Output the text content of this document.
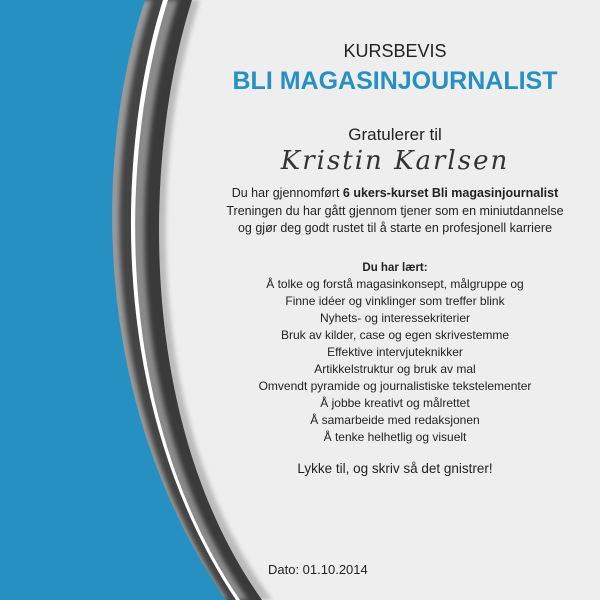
KURSBEVIS
BLI MAGASINJOURNALIST
Gratulerer til
Kristin Karlsen
Du har gjennomført 6 ukers-kurset Bli magasinjournalist
Treningen du har gått gjennom tjener som en miniutdannelse
og gjør deg godt rustet til å starte en profesjonell karriere
Du har lært:
Å tolke og forstå magasinkonsept, målgruppe og
Finne idéer og vinklinger som treffer blink
Nyhets- og interessekriterier
Bruk av kilder, case og egen skrivestemme
Effektive intervjuteknikker
Artikkelstruktur og bruk av mal
Omvendt pyramide og journalistiske tekstelementer
Å jobbe kreativt og målrettet
Å samarbeide med redaksjonen
Å tenke helhetlig og visuelt
Lykke til, og skriv så det gnistrer!
Dato: 01.10.2014
